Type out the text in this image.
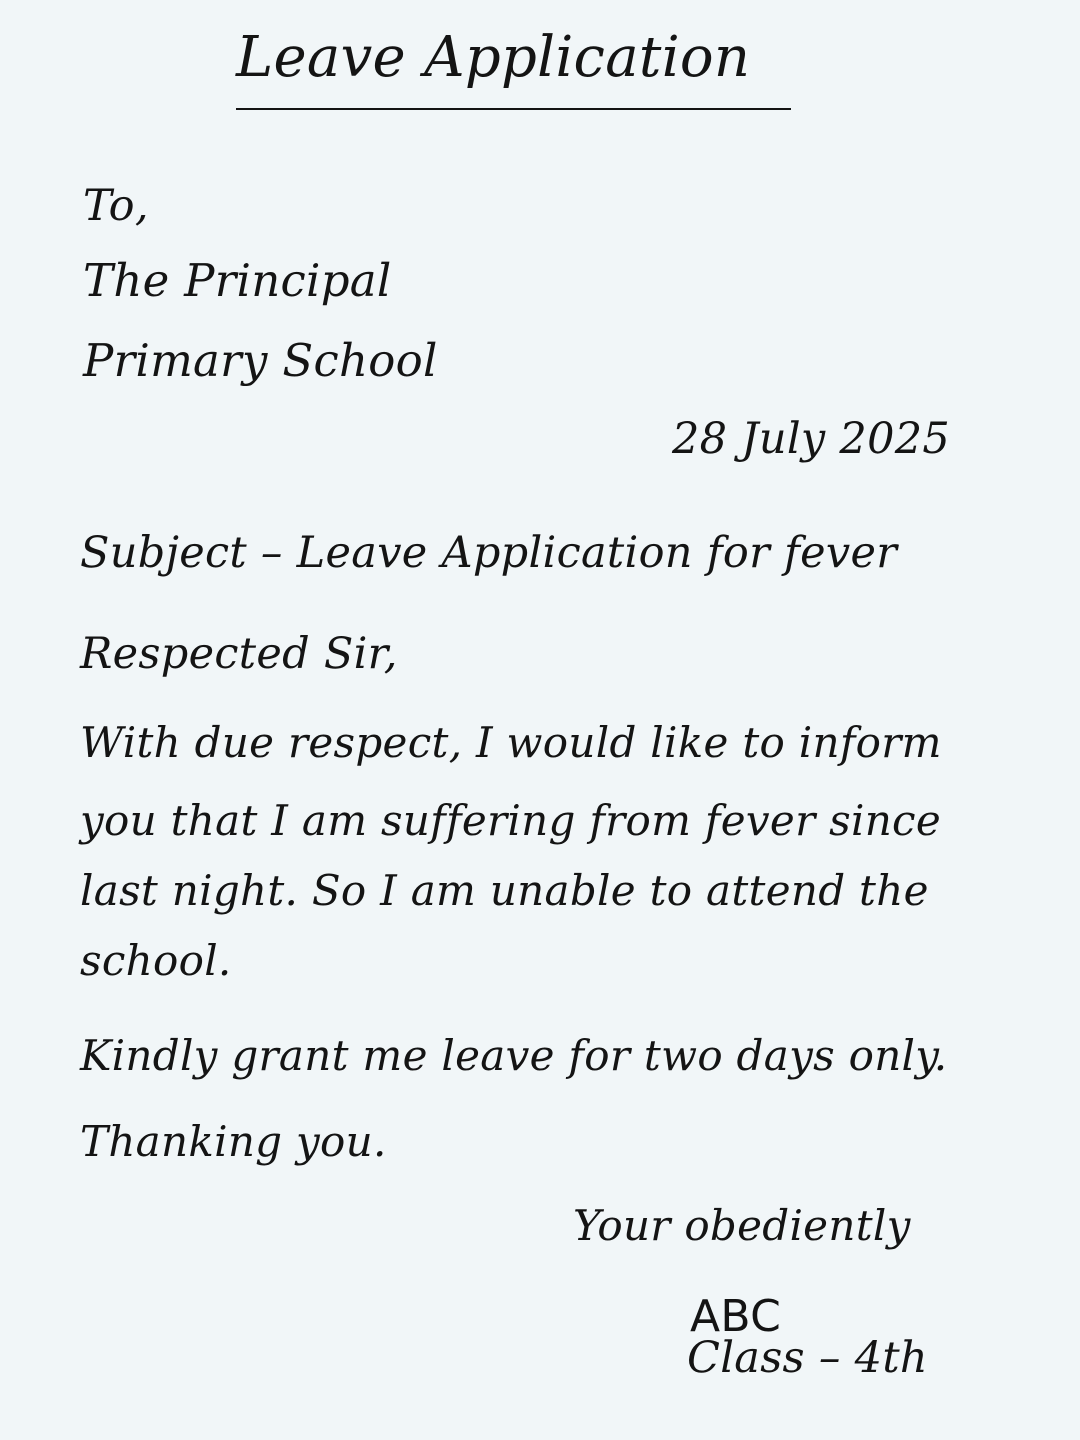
Leave Application
To,
The Principal
Primary School
28 July 2025
Subject – Leave Application for fever
Respected Sir,
With due respect, I would like to inform
you that I am suffering from fever since
last night. So I am unable to attend the
school.
Kindly grant me leave for two days only.
Thanking you.
Your obediently
ABC
Class – 4th
